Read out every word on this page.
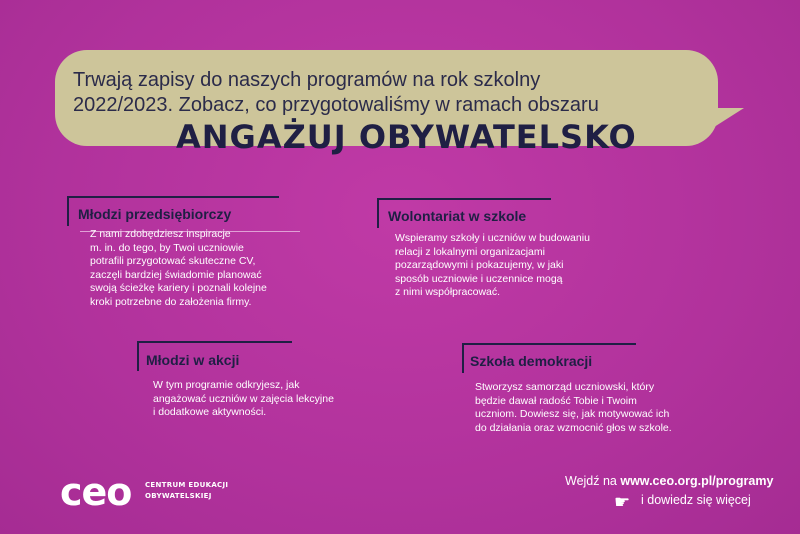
Trwają zapisy do naszych programów na rok szkolny
2022/2023. Zobacz, co przygotowaliśmy w ramach obszaru
ANGAŻUJ OBYWATELSKO
Młodzi przedsiębiorczy
Z nami zdobędziesz inspiracje
m. in. do tego, by Twoi uczniowie
potrafili przygotować skuteczne CV,
zaczęli bardziej świadomie planować
swoją ścieżkę kariery i poznali kolejne
kroki potrzebne do założenia firmy.
Wolontariat w szkole
Wspieramy szkoły i uczniów w budowaniu
relacji z lokalnymi organizacjami
pozarządowymi i pokazujemy, w jaki
sposób uczniowie i uczennice mogą
z nimi współpracować.
Młodzi w akcji
W tym programie odkryjesz, jak
angażować uczniów w zajęcia lekcyjne
i dodatkowe aktywności.
Szkoła demokracji
Stworzysz samorząd uczniowski, który
będzie dawał radość Tobie i Twoim
uczniom. Dowiesz się, jak motywować ich
do działania oraz wzmocnić głos w szkole.
ceo CENTRUM EDUKACJI
OBYWATELSKIEJ
Wejdź na www.ceo.org.pl/programy
☛ i dowiedz się więcej
